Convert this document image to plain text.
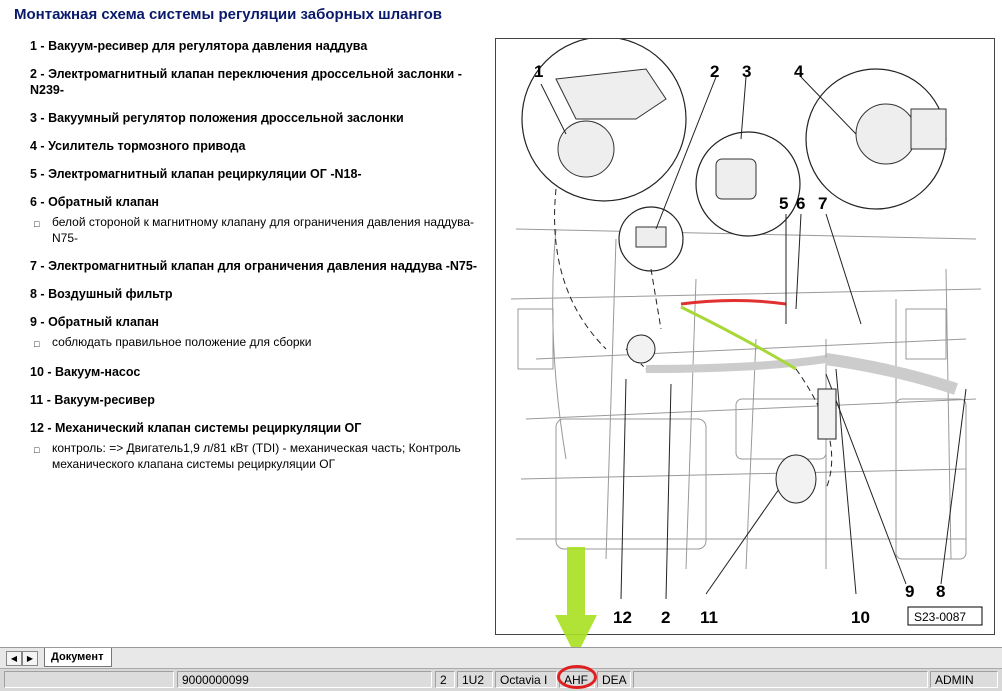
Монтажная схема системы регуляции заборных шлангов
1 - Вакуум-ресивер для регулятора давления наддува
2 - Электромагнитный клапан переключения дроссельной заслонки -N239-
3 - Вакуумный регулятор положения дроссельной заслонки
4 - Усилитель тормозного привода
5 - Электромагнитный клапан рециркуляции ОГ -N18-
6 - Обратный клапан
□	белой стороной к магнитному клапану для ограничения давления наддува-N75-
7 - Электромагнитный клапан для ограничения давления наддува -N75-
8 - Воздушный фильтр
9 - Обратный клапан
□	соблюдать правильное положение для сборки
10 - Вакуум-насос
11 - Вакуум-ресивер
12 - Механический клапан системы рециркуляции ОГ
□	контроль: => Двигатель1,9 л/81 кВт (TDI) - механическая часть; Контроль механического клапана системы рециркуляции ОГ
1	2 3	4
5 6 7
12 2 11	10
9 8
S23-0087
◀	▶	Документ
9000000099	2	1U2	Octavia I	AHF	DEA	ADMIN
